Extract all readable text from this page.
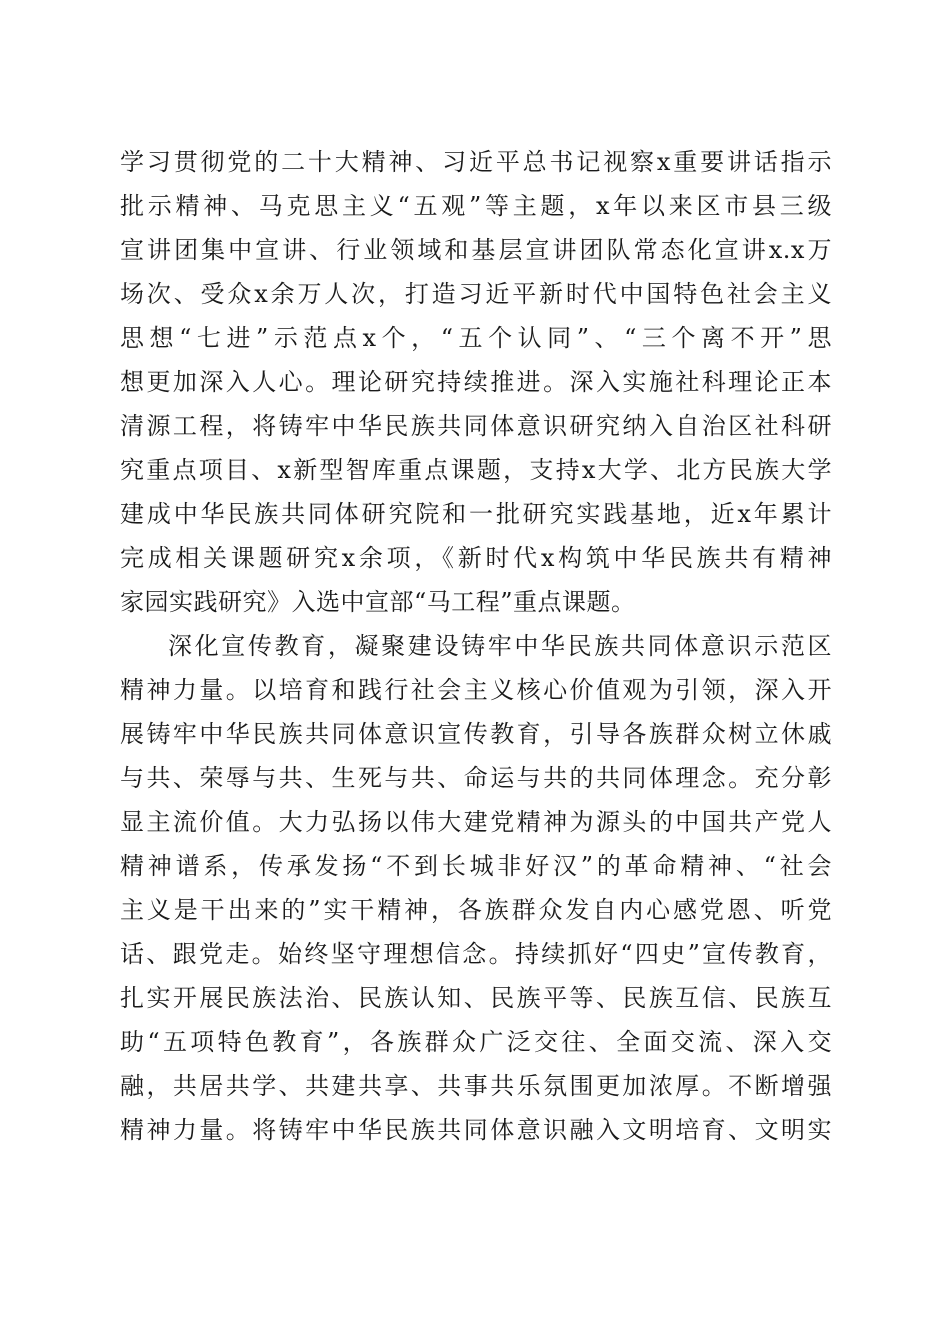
学习贯彻党的二十大精神、习近平总书记视察x重要讲话指示
批示精神、马克思主义“五观”等主题，x年以来区市县三级
宣讲团集中宣讲、行业领域和基层宣讲团队常态化宣讲x.x万
场次、受众x余万人次，打造习近平新时代中国特色社会主义
思想“七进”示范点x个，“五个认同”、“三个离不开”思
想更加深入人心。理论研究持续推进。深入实施社科理论正本
清源工程，将铸牢中华民族共同体意识研究纳入自治区社科研
究重点项目、x新型智库重点课题，支持x大学、北方民族大学
建成中华民族共同体研究院和一批研究实践基地，近x年累计
完成相关课题研究x余项，《新时代x构筑中华民族共有精神
家园实践研究》入选中宣部“马工程”重点课题。
深化宣传教育，凝聚建设铸牢中华民族共同体意识示范区
精神力量。以培育和践行社会主义核心价值观为引领，深入开
展铸牢中华民族共同体意识宣传教育，引导各族群众树立休戚
与共、荣辱与共、生死与共、命运与共的共同体理念。充分彰
显主流价值。大力弘扬以伟大建党精神为源头的中国共产党人
精神谱系，传承发扬“不到长城非好汉”的革命精神、“社会
主义是干出来的”实干精神，各族群众发自内心感党恩、听党
话、跟党走。始终坚守理想信念。持续抓好“四史”宣传教育，
扎实开展民族法治、民族认知、民族平等、民族互信、民族互
助“五项特色教育”，各族群众广泛交往、全面交流、深入交
融，共居共学、共建共享、共事共乐氛围更加浓厚。不断增强
精神力量。将铸牢中华民族共同体意识融入文明培育、文明实
